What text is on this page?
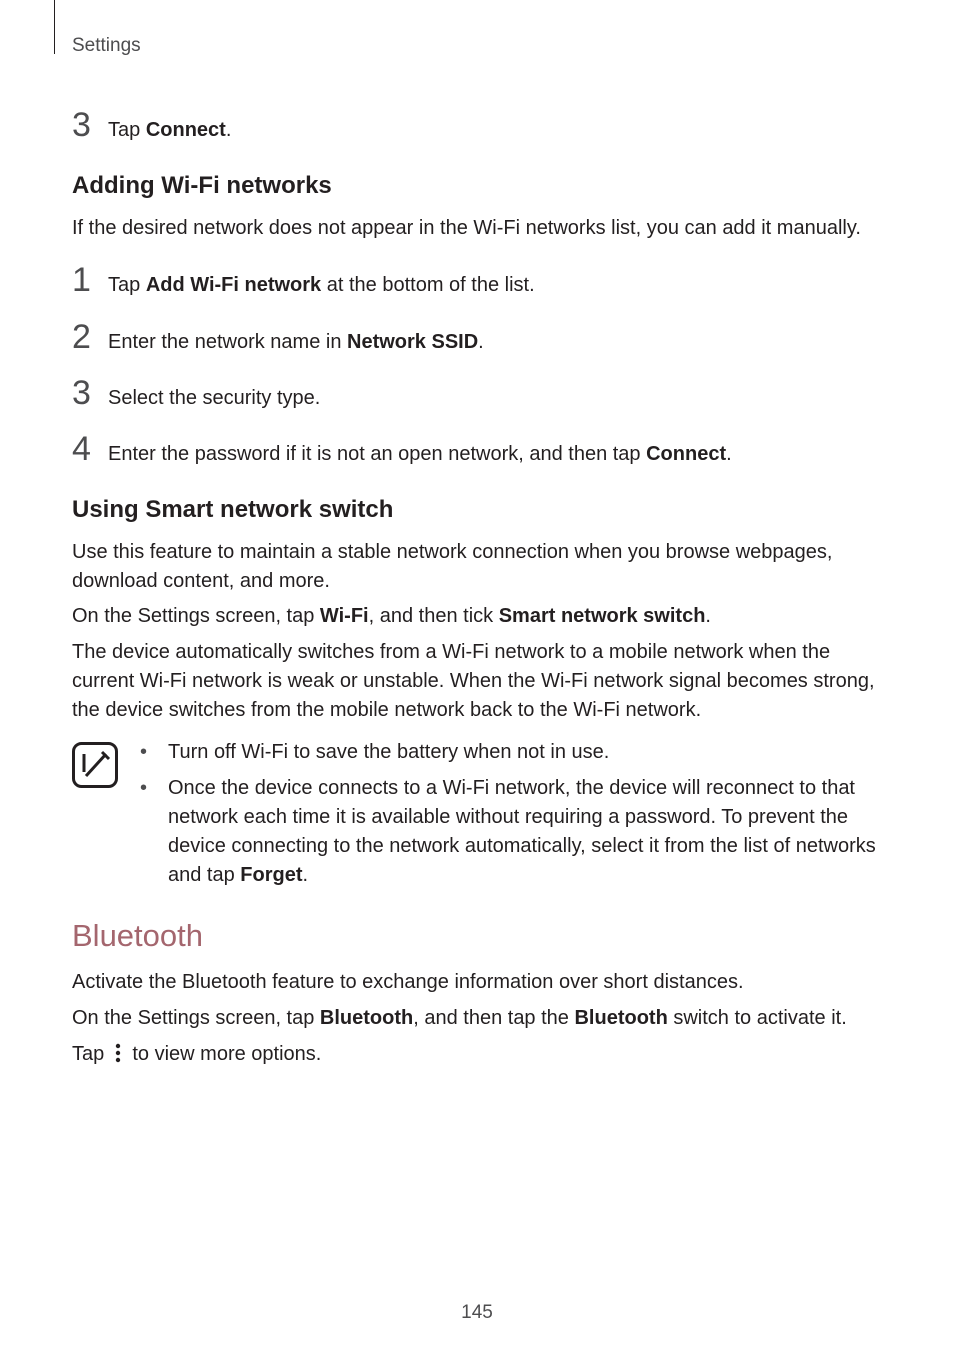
Settings
3 Tap Connect.
Adding Wi-Fi networks
If the desired network does not appear in the Wi-Fi networks list, you can add it manually.
1 Tap Add Wi-Fi network at the bottom of the list.
2 Enter the network name in Network SSID.
3 Select the security type.
4 Enter the password if it is not an open network, and then tap Connect.
Using Smart network switch
Use this feature to maintain a stable network connection when you browse webpages, download content, and more.
On the Settings screen, tap Wi-Fi, and then tick Smart network switch.
The device automatically switches from a Wi-Fi network to a mobile network when the current Wi-Fi network is weak or unstable. When the Wi-Fi network signal becomes strong, the device switches from the mobile network back to the Wi-Fi network.
•	Turn off Wi-Fi to save the battery when not in use.
•	Once the device connects to a Wi-Fi network, the device will reconnect to that network each time it is available without requiring a password. To prevent the device connecting to the network automatically, select it from the list of networks and tap Forget.
Bluetooth
Activate the Bluetooth feature to exchange information over short distances.
On the Settings screen, tap Bluetooth, and then tap the Bluetooth switch to activate it.
Tap  to view more options.
145
